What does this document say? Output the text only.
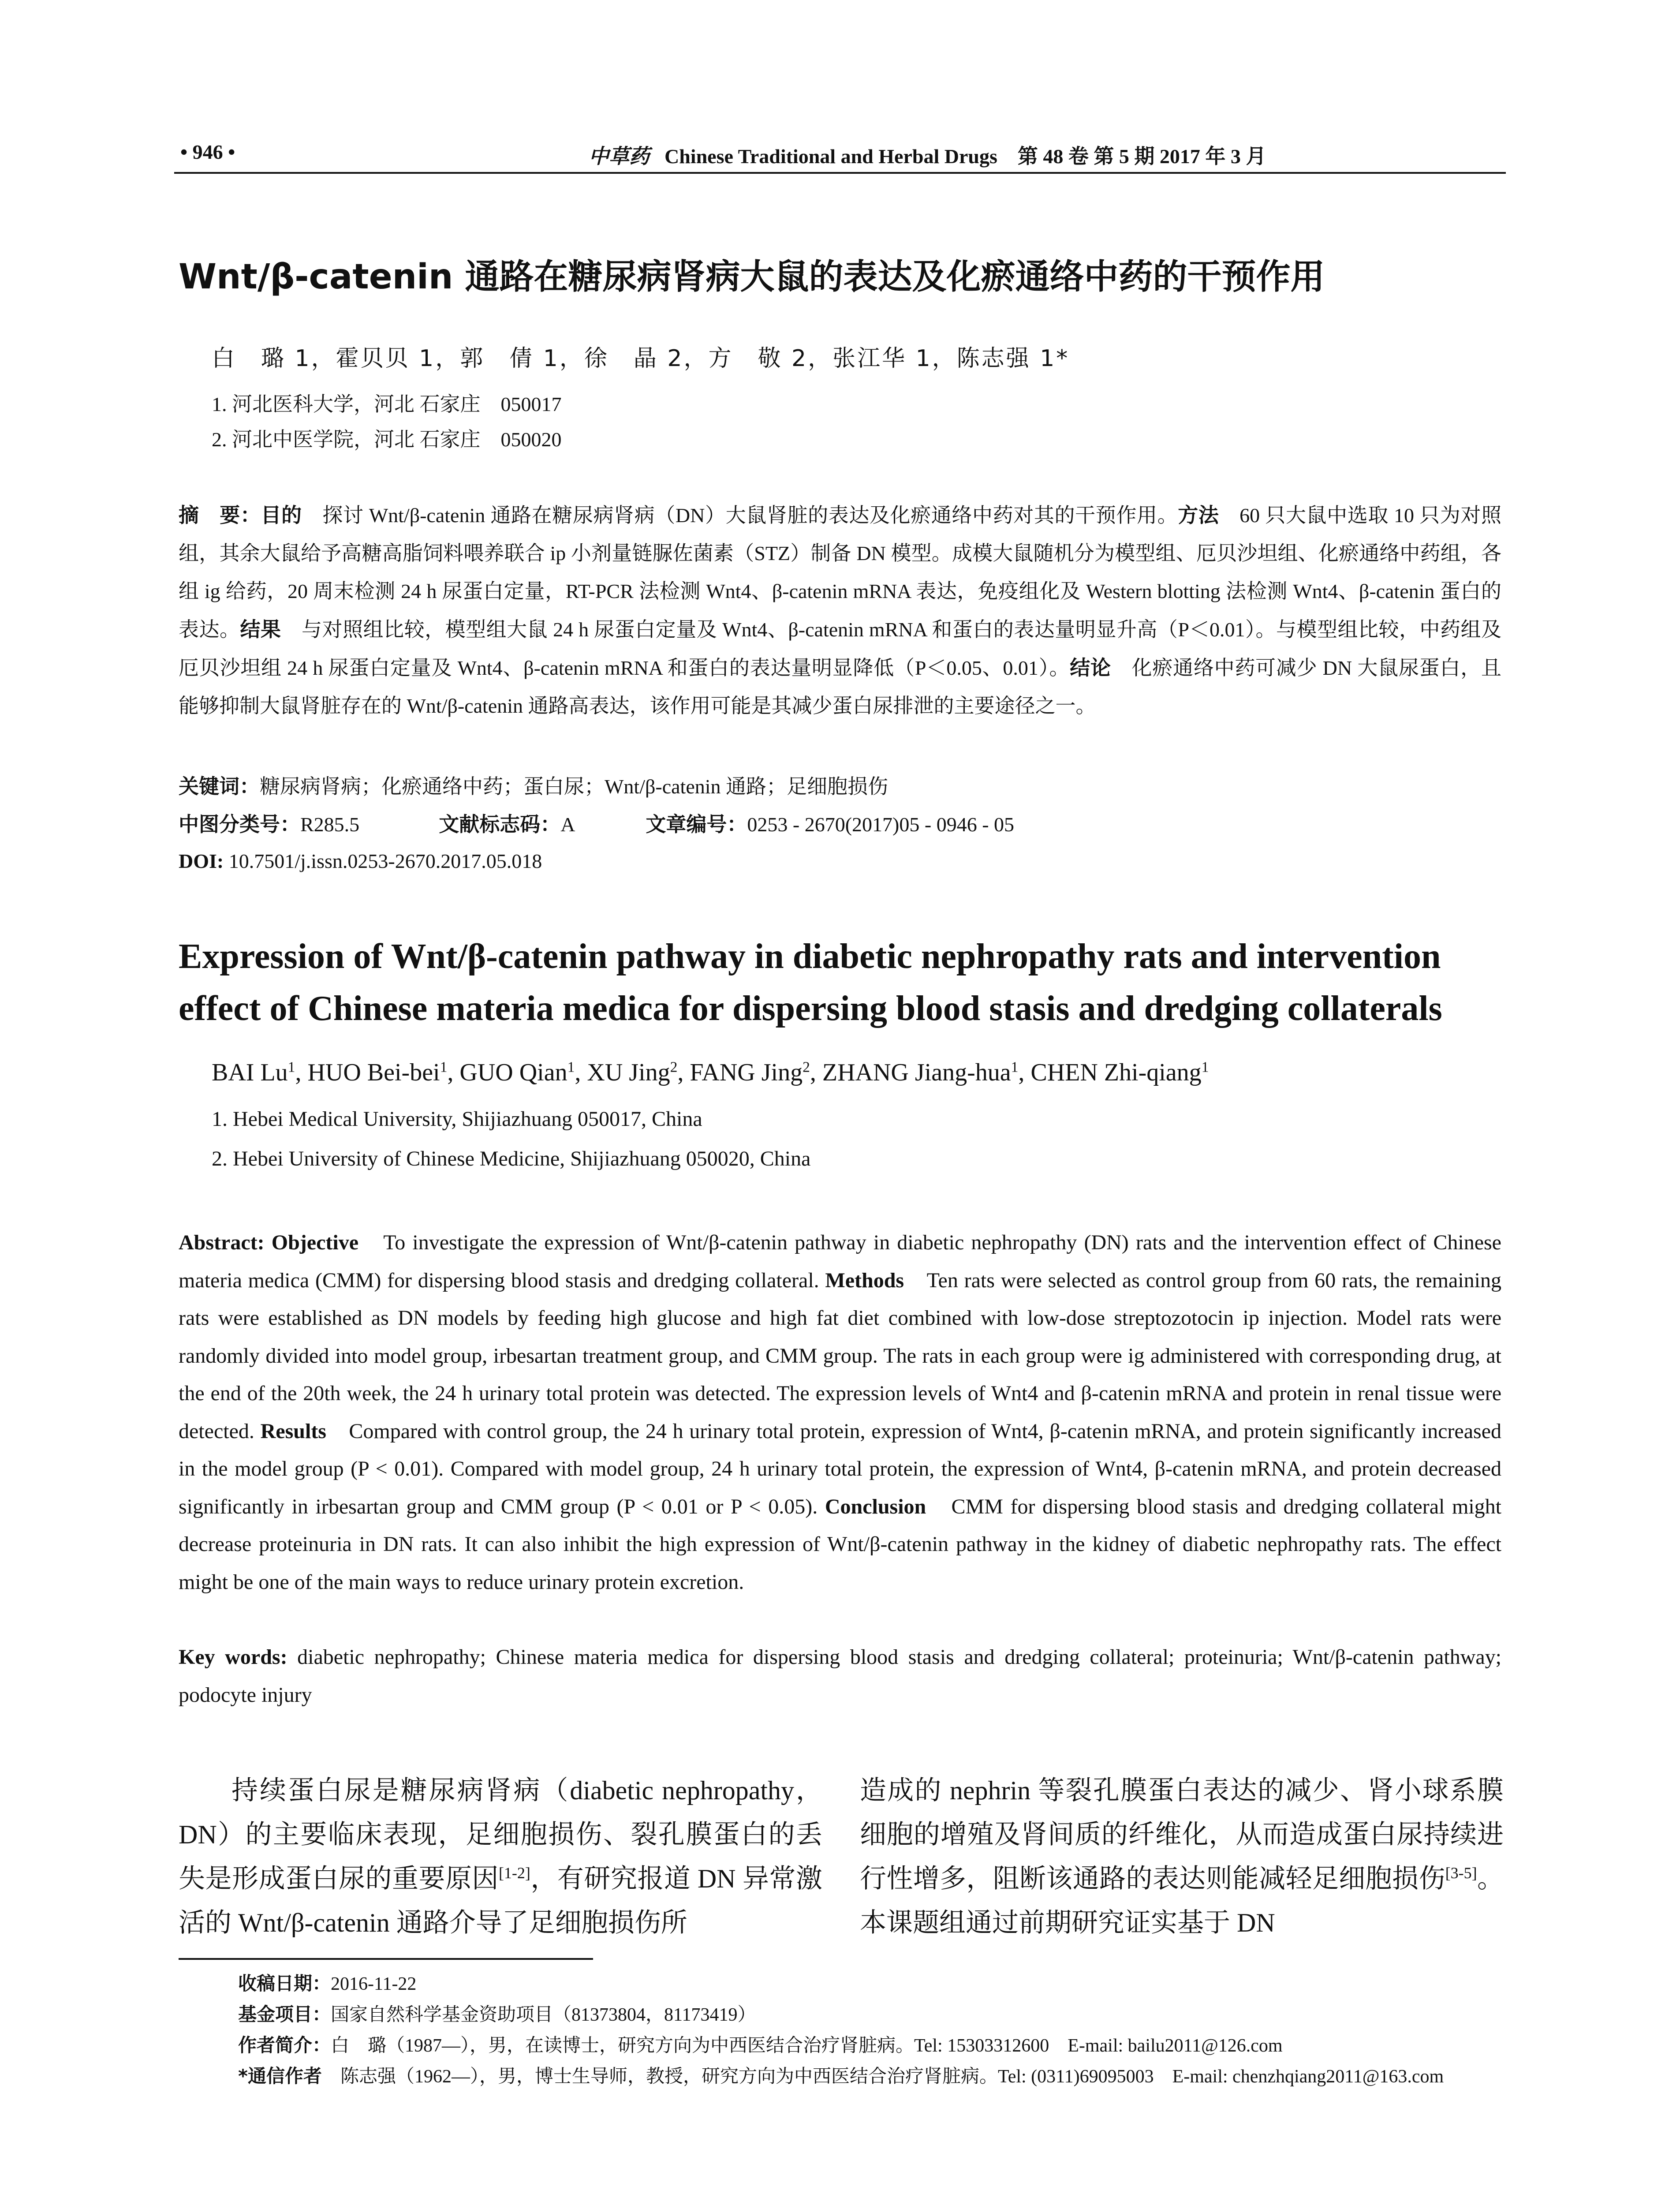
• 946 •	中草药 Chinese Traditional and Herbal Drugs　第 48 卷 第 5 期 2017 年 3 月
Wnt/β-catenin 通路在糖尿病肾病大鼠的表达及化瘀通络中药的干预作用
白　璐 1，霍贝贝 1，郭　倩 1，徐　晶 2，方　敬 2，张江华 1，陈志强 1*
1. 河北医科大学，河北 石家庄　050017
2. 河北中医学院，河北 石家庄　050020
摘　要：目的　探讨 Wnt/β-catenin 通路在糖尿病肾病（DN）大鼠肾脏的表达及化瘀通络中药对其的干预作用。方法　60 只大鼠中选取 10 只为对照组，其余大鼠给予高糖高脂饲料喂养联合 ip 小剂量链脲佐菌素（STZ）制备 DN 模型。成模大鼠随机分为模型组、厄贝沙坦组、化瘀通络中药组，各组 ig 给药，20 周末检测 24 h 尿蛋白定量，RT-PCR 法检测 Wnt4、β-catenin mRNA 表达，免疫组化及 Western blotting 法检测 Wnt4、β-catenin 蛋白的表达。结果　与对照组比较，模型组大鼠 24 h 尿蛋白定量及 Wnt4、β-catenin mRNA 和蛋白的表达量明显升高（P＜0.01）。与模型组比较，中药组及厄贝沙坦组 24 h 尿蛋白定量及 Wnt4、β-catenin mRNA 和蛋白的表达量明显降低（P＜0.05、0.01）。结论　化瘀通络中药可减少 DN 大鼠尿蛋白，且能够抑制大鼠肾脏存在的 Wnt/β-catenin 通路高表达，该作用可能是其减少蛋白尿排泄的主要途径之一。
关键词：糖尿病肾病；化瘀通络中药；蛋白尿；Wnt/β-catenin 通路；足细胞损伤
中图分类号：R285.5	文献标志码：A	文章编号：0253 - 2670(2017)05 - 0946 - 05
DOI: 10.7501/j.issn.0253-2670.2017.05.018
Expression of Wnt/β-catenin pathway in diabetic nephropathy rats and intervention effect of Chinese materia medica for dispersing blood stasis and dredging collaterals
BAI Lu$^1$, HUO Bei-bei$^1$, GUO Qian$^1$, XU Jing$^2$, FANG Jing$^2$, ZHANG Jiang-hua$^1$, CHEN Zhi-qiang$^1$
1. Hebei Medical University, Shijiazhuang 050017, China
2. Hebei University of Chinese Medicine, Shijiazhuang 050020, China
Abstract: Objective　To investigate the expression of Wnt/β-catenin pathway in diabetic nephropathy (DN) rats and the intervention effect of Chinese materia medica (CMM) for dispersing blood stasis and dredging collateral. Methods　Ten rats were selected as control group from 60 rats, the remaining rats were established as DN models by feeding high glucose and high fat diet combined with low-dose streptozotocin ip injection. Model rats were randomly divided into model group, irbesartan treatment group, and CMM group. The rats in each group were ig administered with corresponding drug, at the end of the 20th week, the 24 h urinary total protein was detected. The expression levels of Wnt4 and β-catenin mRNA and protein in renal tissue were detected. Results　Compared with control group, the 24 h urinary total protein, expression of Wnt4, β-catenin mRNA, and protein significantly increased in the model group (P < 0.01). Compared with model group, 24 h urinary total protein, the expression of Wnt4, β-catenin mRNA, and protein decreased significantly in irbesartan group and CMM group (P < 0.01 or P < 0.05). Conclusion　CMM for dispersing blood stasis and dredging collateral might decrease proteinuria in DN rats. It can also inhibit the high expression of Wnt/β-catenin pathway in the kidney of diabetic nephropathy rats. The effect might be one of the main ways to reduce urinary protein excretion.
Key words: diabetic nephropathy; Chinese materia medica for dispersing blood stasis and dredging collateral; proteinuria; Wnt/β-catenin pathway; podocyte injury
持续蛋白尿是糖尿病肾病（diabetic nephropathy，DN）的主要临床表现，足细胞损伤、裂孔膜蛋白的丢失是形成蛋白尿的重要原因[1-2]，有研究报道 DN 异常激活的 Wnt/β-catenin 通路介导了足细胞损伤所
造成的 nephrin 等裂孔膜蛋白表达的减少、肾小球系膜细胞的增殖及肾间质的纤维化，从而造成蛋白尿持续进行性增多，阻断该通路的表达则能减轻足细胞损伤[3-5]。本课题组通过前期研究证实基于 DN
收稿日期：2016-11-22
基金项目：国家自然科学基金资助项目（81373804，81173419）
作者简介：白　璐（1987—），男，在读博士，研究方向为中西医结合治疗肾脏病。Tel: 15303312600　E-mail: bailu2011@126.com
*通信作者　陈志强（1962—），男，博士生导师，教授，研究方向为中西医结合治疗肾脏病。Tel: (0311)69095003　E-mail: chenzhqiang2011@163.com
